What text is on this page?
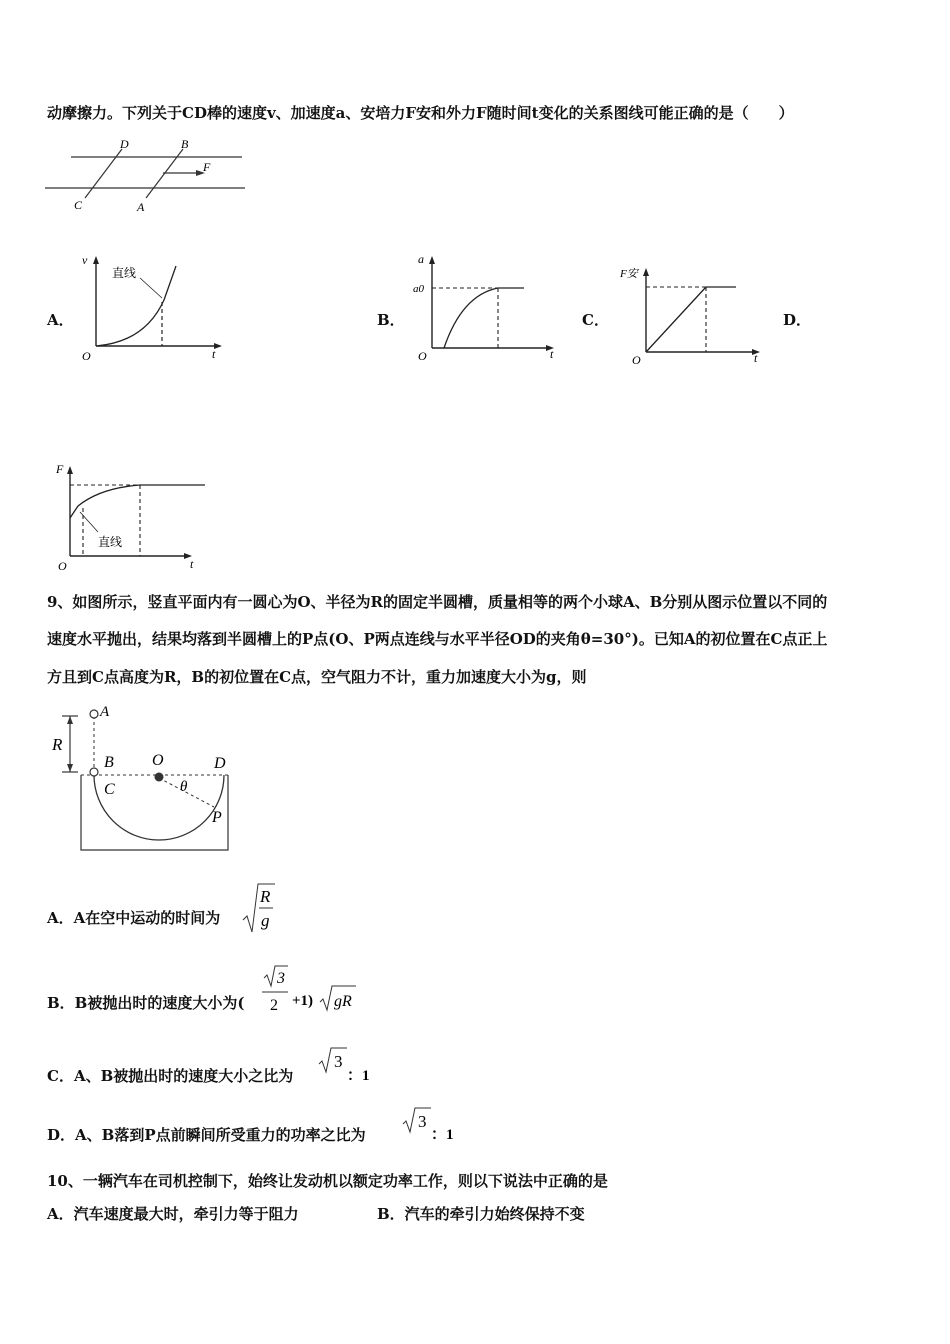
动摩擦力。下列关于CD棒的速度v、加速度a、安培力F安和外力F随时间t变化的关系图线可能正确的是（　　）
D	B
C	A
F
A．	B．	C．	D．
v
t
O
直线
a
t
O
a0
F安
t
O
F
t
O
直线
9、如图所示，竖直平面内有一圆心为O、半径为R的固定半圆槽，质量相等的两个小球A、B分别从图示位置以不同的
速度水平抛出，结果均落到半圆槽上的P点(O、P两点连线与水平半径OD的夹角θ=30°)。已知A的初位置在C点正上
方且到C点高度为R，B的初位置在C点，空气阻力不计，重力加速度大小为g，则
A
R
B
C
O	D
θ
P
A．A在空中运动的时间为
R
g
B．B被抛出时的速度大小为(
3
2 +1) gR
C．A、B被抛出时的速度大小之比为
3
：1
D．A、B落到P点前瞬间所受重力的功率之比为
3
：1
10、一辆汽车在司机控制下，始终让发动机以额定功率工作，则以下说法中正确的是
A．汽车速度最大时，牵引力等于阻力	B．汽车的牵引力始终保持不变
